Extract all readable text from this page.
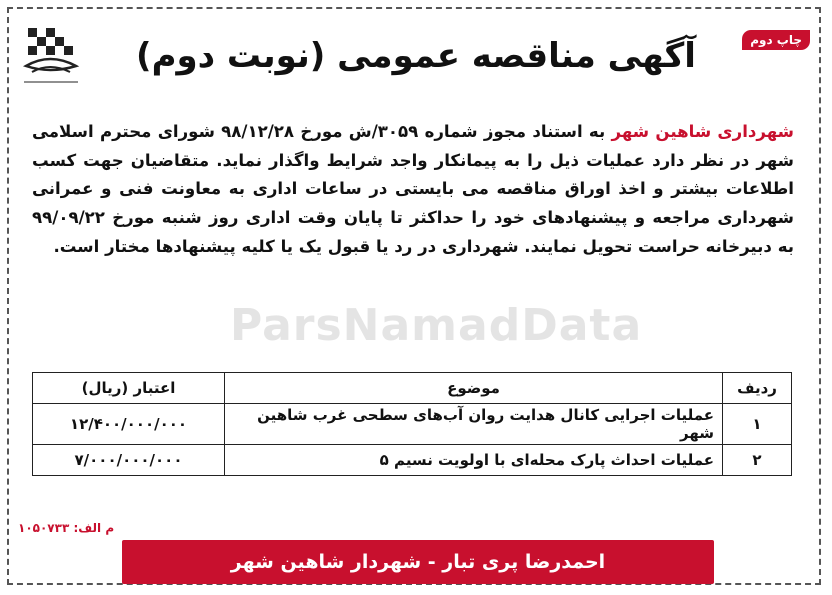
ParsNamadData
چاپ دوم
آگهی مناقصه عمومی (نوبت دوم)
شهرداری شاهین شهر به استناد مجوز شماره ۳۰۵۹/ش مورخ ۹۸/۱۲/۲۸ شورای محترم اسلامی شهر در نظر دارد عملیات ذیل را به پیمانکار واجد شرایط واگذار نماید. متقاضیان جهت کسب اطلاعات بیشتر و اخذ اوراق مناقصه می بایستی در ساعات اداری به معاونت فنی و عمرانی شهرداری مراجعه و پیشنهادهای خود را حداکثر تا پایان وقت اداری روز شنبه مورخ ۹۹/۰۹/۲۲ به دبیرخانه حراست تحویل نمایند. شهرداری در رد یا قبول یک یا کلیه پیشنهادها مختار است.
ردیف	موضوع	اعتبار (ریال)
۱	عملیات اجرایی کانال هدایت روان آب‌های سطحی غرب شاهین شهر	۱۲/۴۰۰/۰۰۰/۰۰۰
۲	عملیات احداث پارک محله‌ای با اولویت نسیم ۵	۷/۰۰۰/۰۰۰/۰۰۰
م الف: ۱۰۵۰۷۳۳
احمدرضا پری تبار - شهردار شاهین شهر
